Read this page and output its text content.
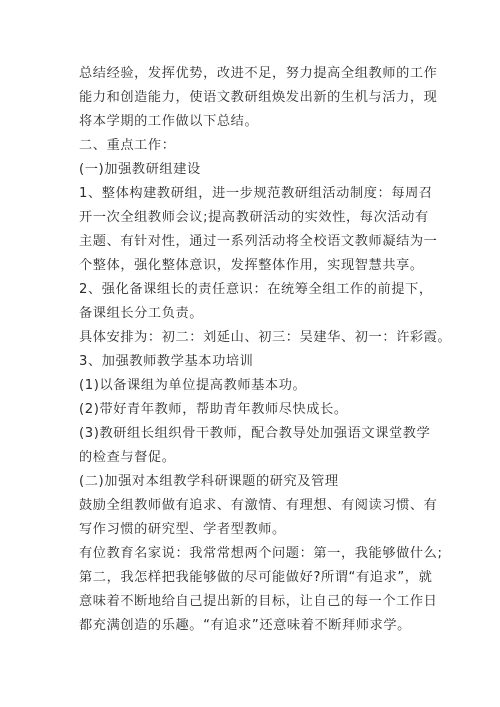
总结经验，发挥优势，改进不足，努力提高全组教师的工作
能力和创造能力，使语文教研组焕发出新的生机与活力，现
将本学期的工作做以下总结。
二、重点工作：
(一)加强教研组建设
1、整体构建教研组，进一步规范教研组活动制度：每周召
开一次全组教师会议;提高教研活动的实效性，每次活动有
主题、有针对性，通过一系列活动将全校语文教师凝结为一
个整体，强化整体意识，发挥整体作用，实现智慧共享。
2、强化备课组长的责任意识：在统筹全组工作的前提下，
备课组长分工负责。
具体安排为：初二：刘延山、初三：吴建华、初一：许彩霞。
3、加强教师教学基本功培训
(1)以备课组为单位提高教师基本功。
(2)带好青年教师，帮助青年教师尽快成长。
(3)教研组长组织骨干教师，配合教导处加强语文课堂教学
的检查与督促。
(二)加强对本组教学科研课题的研究及管理
鼓励全组教师做有追求、有激情、有理想、有阅读习惯、有
写作习惯的研究型、学者型教师。
有位教育名家说：我常常想两个问题：第一，我能够做什么;
第二，我怎样把我能够做的尽可能做好?所谓“有追求”，就
意味着不断地给自己提出新的目标，让自己的每一个工作日
都充满创造的乐趣。“有追求”还意味着不断拜师求学。
